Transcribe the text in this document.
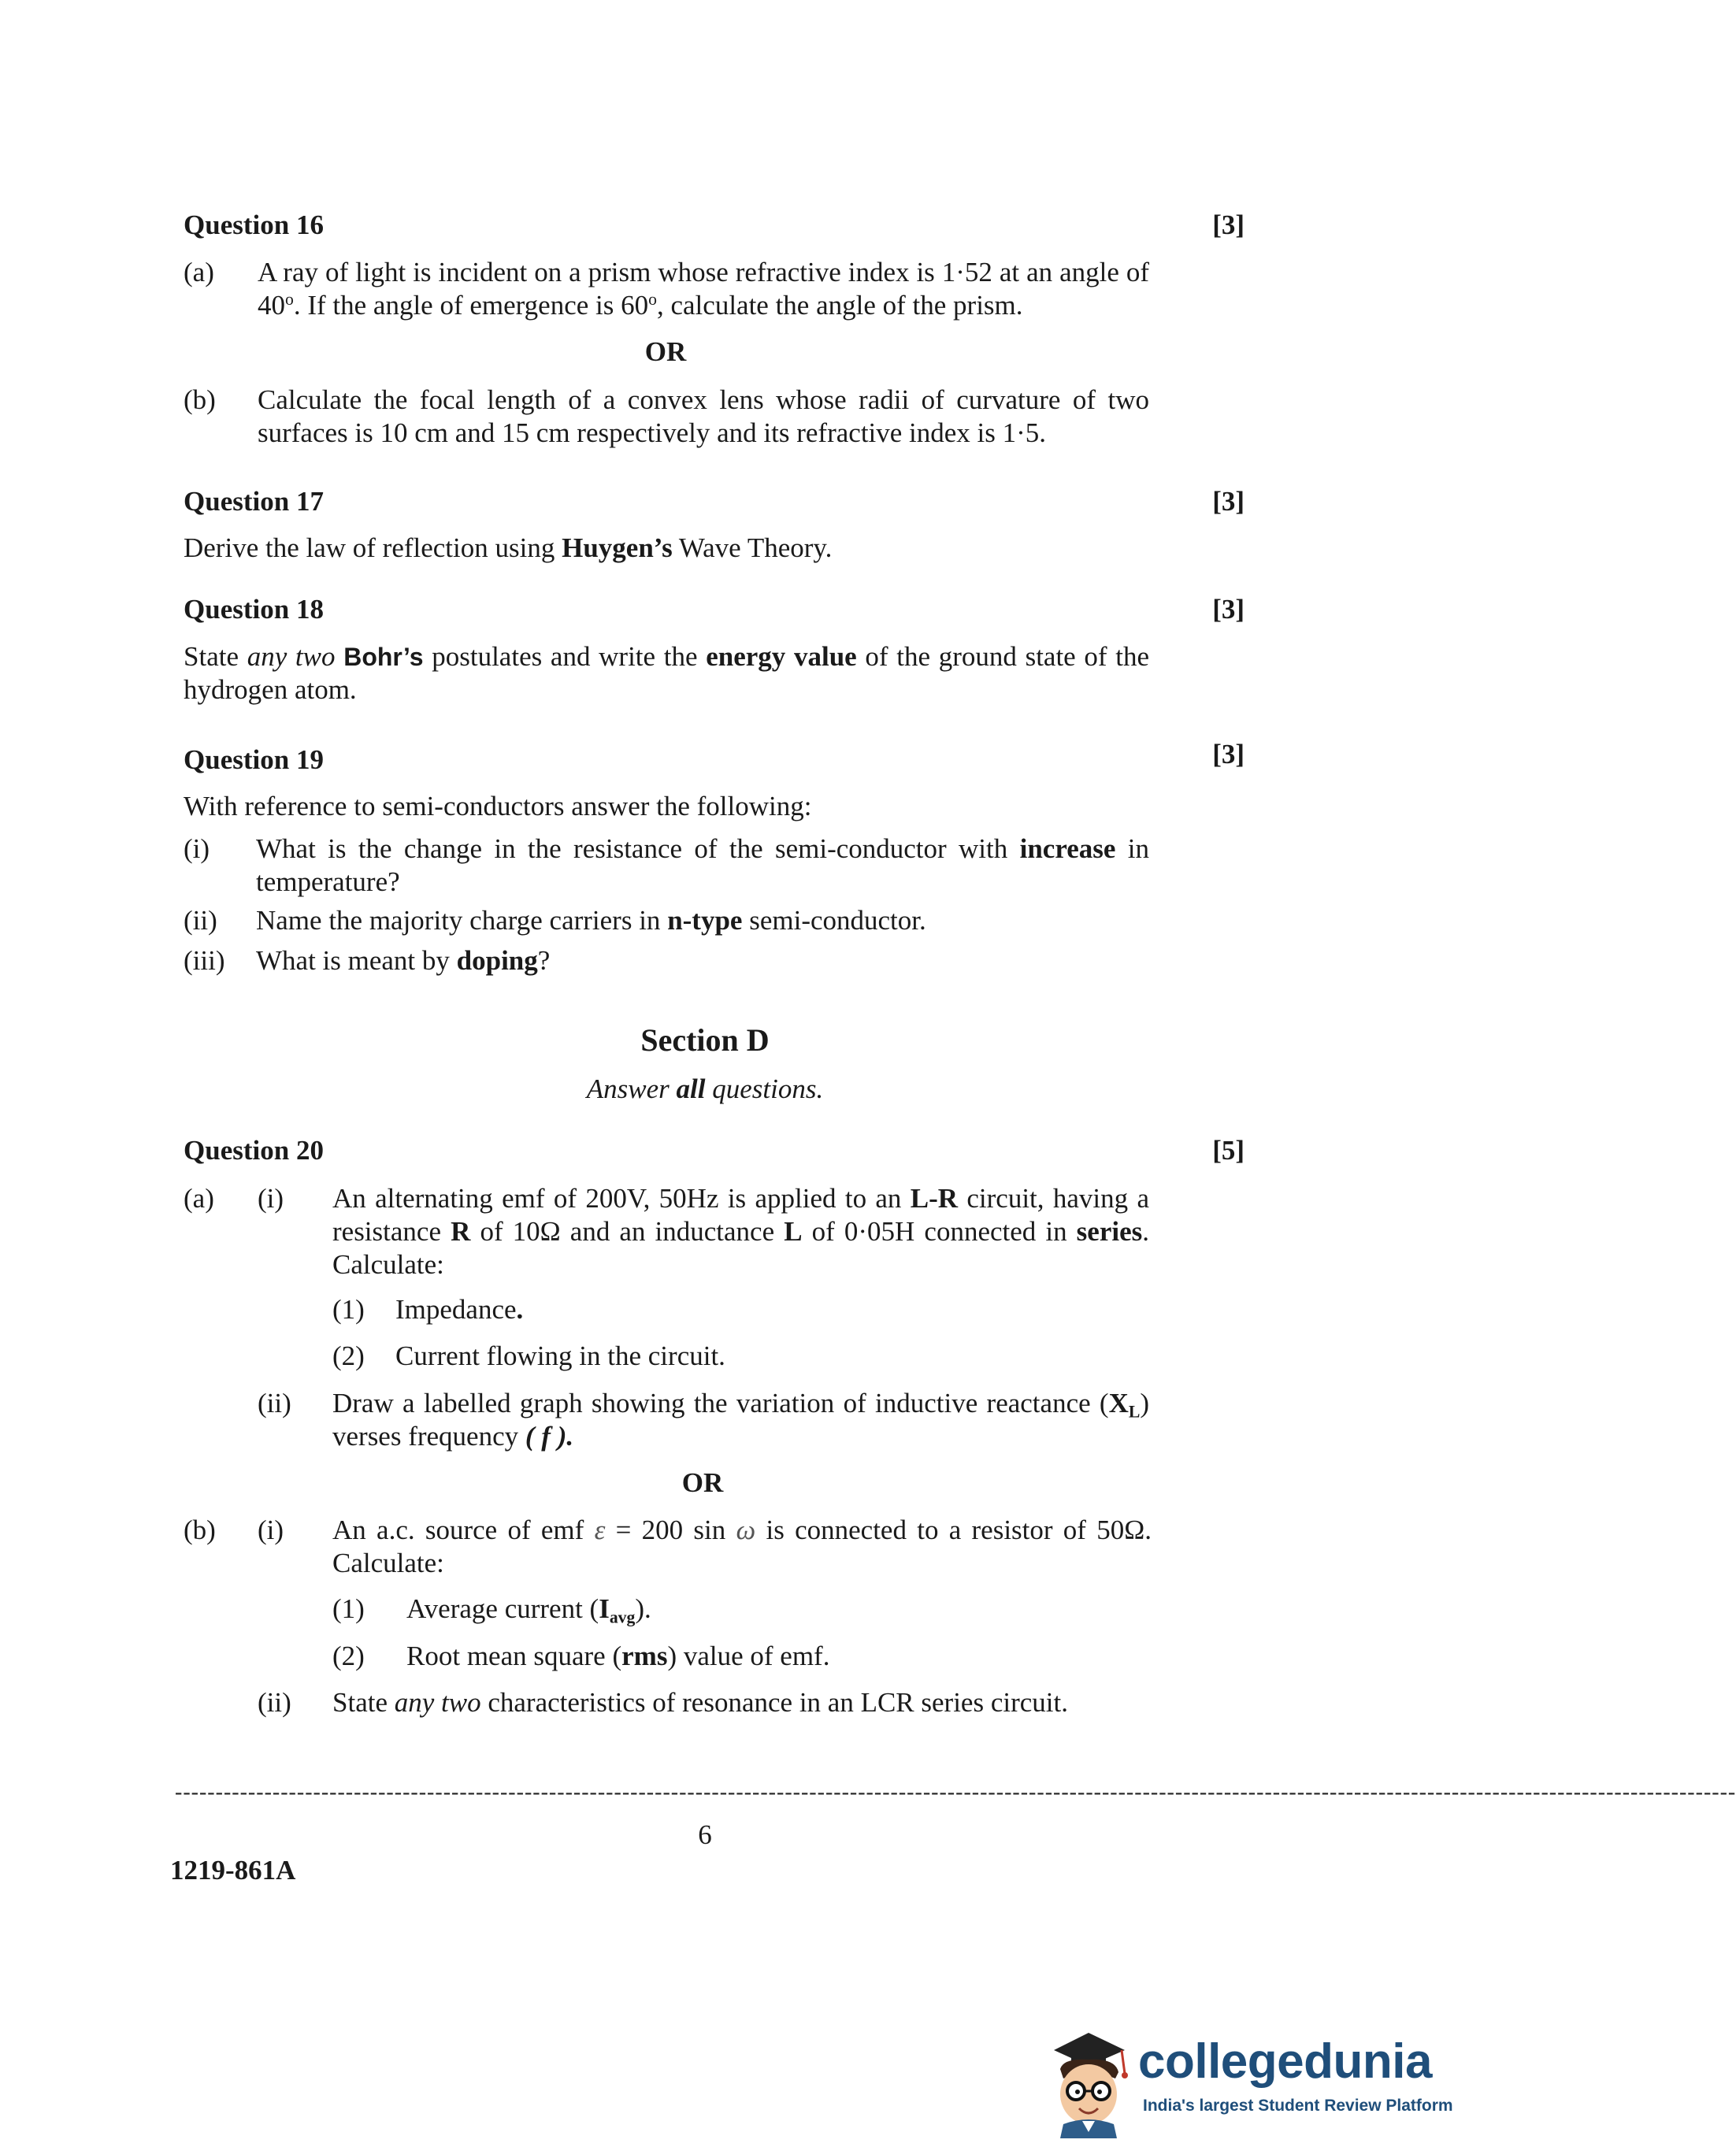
Question 16	[3]
(a) A ray of light is incident on a prism whose refractive index is 1·52 at an angle of 40$^o$. If the angle of emergence is 60$^o$, calculate the angle of the prism.
OR
(b) Calculate the focal length of a convex lens whose radii of curvature of two surfaces is 10 cm and 15 cm respectively and its refractive index is 1·5.
Question 17	[3]
Derive the law of reflection using Huygen’s Wave Theory.
Question 18	[3]
State any two Bohr’s postulates and write the energy value of the ground state of the hydrogen atom.
Question 19	[3]
With reference to semi-conductors answer the following:
(i) What is the change in the resistance of the semi-conductor with increase in temperature?
(ii) Name the majority charge carriers in n-type semi-conductor.
(iii) What is meant by doping?
Section D
Answer all questions.
Question 20	[5]
(a) (i) An alternating emf of 200V, 50Hz is applied to an L-R circuit, having a resistance R of 10Ω and an inductance L of 0·05H connected in series. Calculate:
(1) Impedance.
(2) Current flowing in the circuit.
(ii) Draw a labelled graph showing the variation of inductive reactance $(X_L)$ verses frequency ( f ).
OR
(b) (i) An a.c. source of emf ε = 200 sin ω is connected to a resistor of 50Ω. Calculate:
(1) Average current $(I_{avg})$.
(2) Root mean square (rms) value of emf.
(ii) State any two characteristics of resonance in an LCR series circuit.
------------------------------------------------------------------------------------------------------------------------------------------------------------------------------------------------
6
1219-861A
collegedunia
India's largest Student Review Platform
